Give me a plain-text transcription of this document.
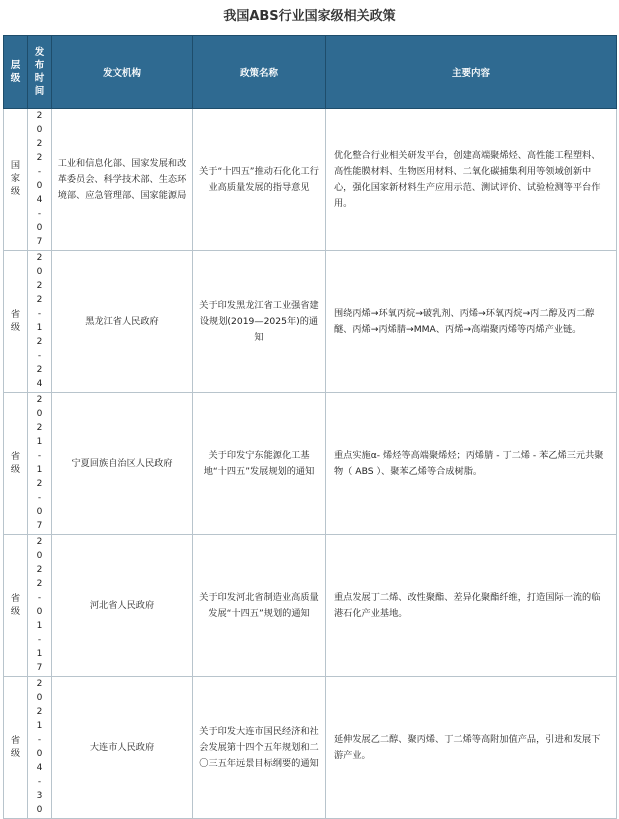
我国ABS行业国家级相关政策
层级	发布时间	发文机构	政策名称	主要内容
国家级	2022-04-07	工业和信息化部、国家发展和改革委员会、科学技术部、生态环境部、应急管理部、国家能源局	关于“十四五”推动石化化工行业高质量发展的指导意见	优化整合行业相关研发平台，创建高端聚烯烃、高性能工程塑料、高性能膜材料、生物医用材料、二氧化碳捕集利用等领域创新中心，强化国家新材料生产应用示范、测试评价、试验检测等平台作用。
省级	2022-12-24	黑龙江省人民政府	关于印发黑龙江省工业强省建设规划(2019—2025年)的通知	围绕丙烯→环氧丙烷→破乳剂、丙烯→环氧丙烷→丙二醇及丙二醇醚、丙烯→丙烯腈→MMA、丙烯→高端聚丙烯等丙烯产业链。
省级	2021-12-07	宁夏回族自治区人民政府	关于印发宁东能源化工基地“十四五”发展规划的通知	重点实施α- 烯烃等高端聚烯烃；丙烯腈 - 丁二烯 - 苯乙烯三元共聚物（ ABS ）、聚苯乙烯等合成树脂。
省级	2022-01-17	河北省人民政府	关于印发河北省制造业高质量发展“十四五”规划的通知	重点发展丁二烯、改性聚酯、差异化聚酯纤维，打造国际一流的临港石化产业基地。
省级	2021-04-30	大连市人民政府	关于印发大连市国民经济和社会发展第十四个五年规划和二〇三五年远景目标纲要的通知	延伸发展乙二醇、聚丙烯、丁二烯等高附加值产品，引进和发展下游产业。
